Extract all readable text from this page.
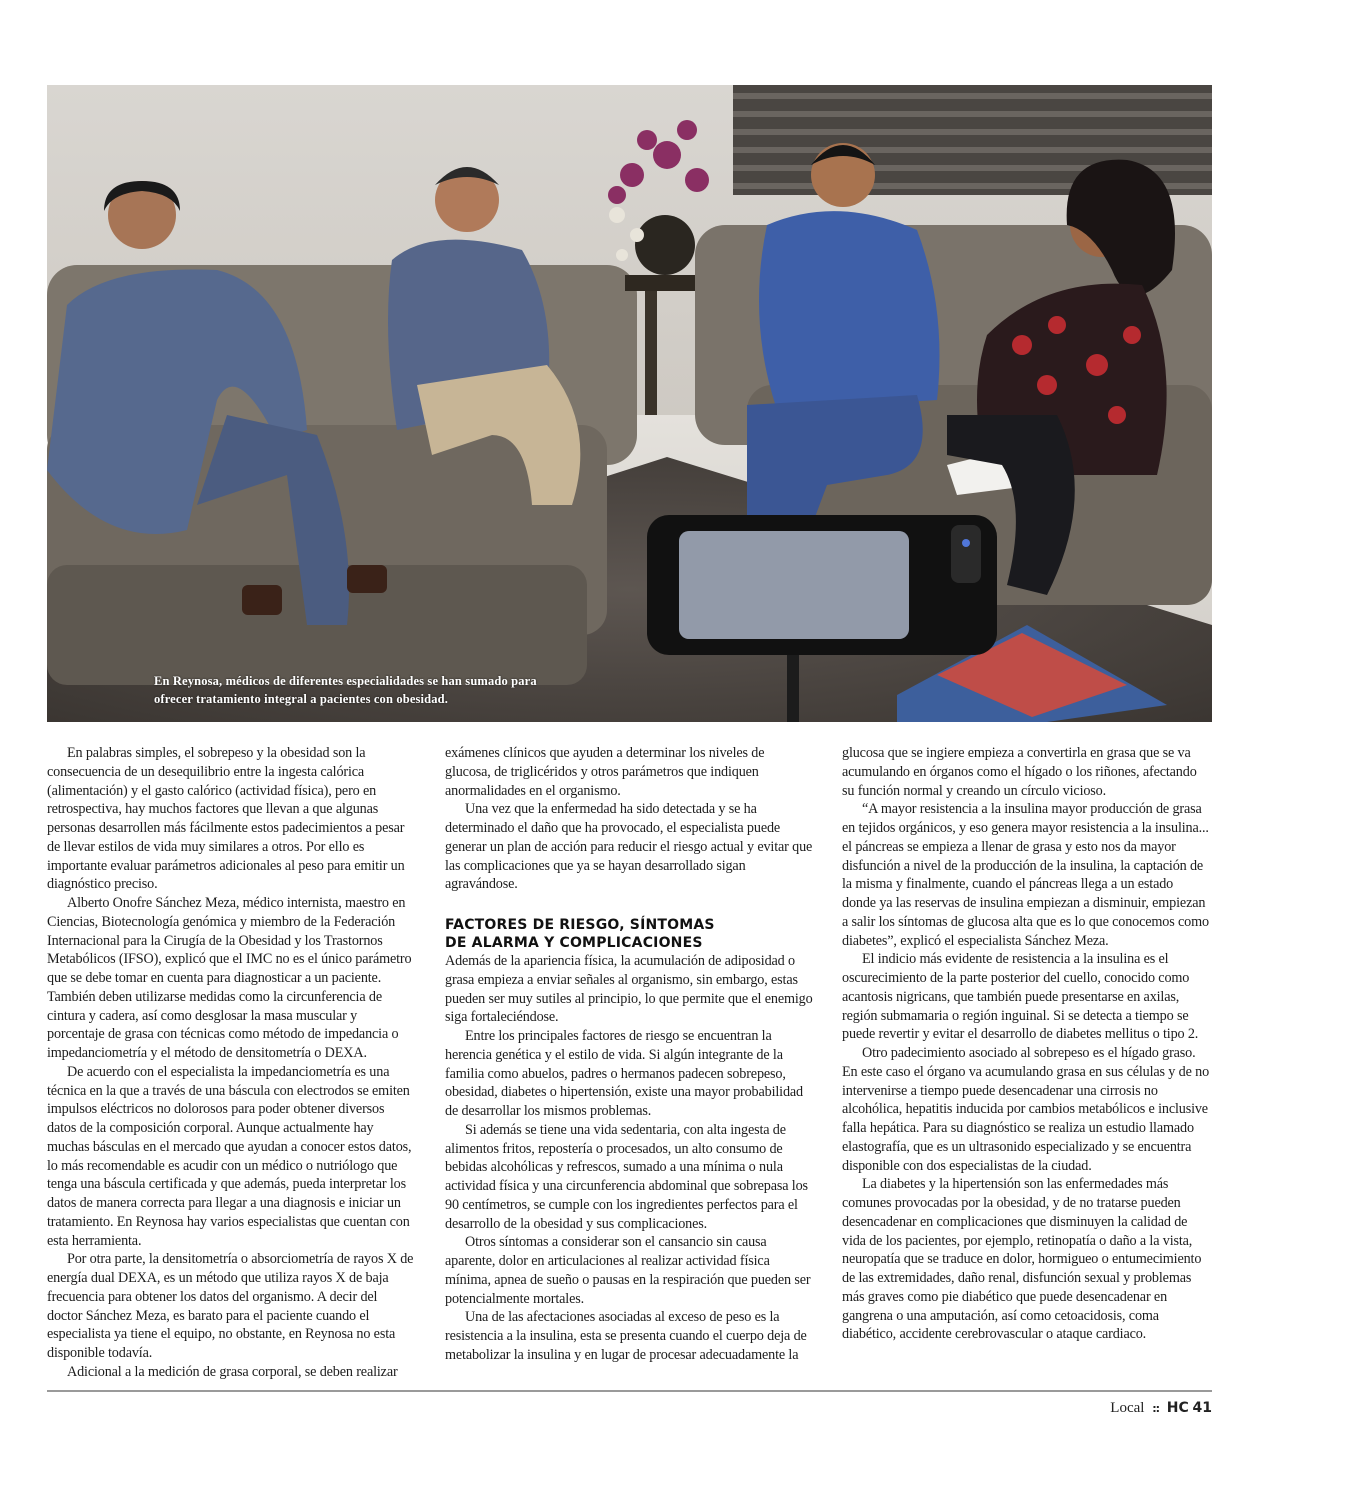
En Reynosa, médicos de diferentes especialidades se han sumado para ofrecer tratamiento integral a pacientes con obesidad.

En palabras simples, el sobrepeso y la obesidad son la consecuencia de un desequilibrio entre la ingesta calórica (alimentación) y el gasto calórico (actividad física), pero en retrospectiva, hay muchos factores que llevan a que algunas personas desarrollen más fácilmente estos padecimientos a pesar de llevar estilos de vida muy similares a otros. Por ello es importante evaluar parámetros adicionales al peso para emitir un diagnóstico preciso.

Alberto Onofre Sánchez Meza, médico internista, maestro en Ciencias, Biotecnología genómica y miembro de la Federación Internacional para la Cirugía de la Obesidad y los Trastornos Metabólicos (IFSO), explicó que el IMC no es el único parámetro que se debe tomar en cuenta para diagnosticar a un paciente. También deben utilizarse medidas como la circunferencia de cintura y cadera, así como desglosar la masa muscular y porcentaje de grasa con técnicas como método de impedancia o impedanciometría y el método de densitometría o DEXA.

De acuerdo con el especialista la impedanciometría es una técnica en la que a través de una báscula con electrodos se emiten impulsos eléctricos no dolorosos para poder obtener diversos datos de la composición corporal. Aunque actualmente hay muchas básculas en el mercado que ayudan a conocer estos datos, lo más recomendable es acudir con un médico o nutriólogo que tenga una báscula certificada y que además, pueda interpretar los datos de manera correcta para llegar a una diagnosis e iniciar un tratamiento. En Reynosa hay varios especialistas que cuentan con esta herramienta.

Por otra parte, la densitometría o absorciometría de rayos X de energía dual DEXA, es un método que utiliza rayos X de baja frecuencia para obtener los datos del organismo. A decir del doctor Sánchez Meza, es barato para el paciente cuando el especialista ya tiene el equipo, no obstante, en Reynosa no esta disponible todavía.

Adicional a la medición de grasa corporal, se deben realizar

exámenes clínicos que ayuden a determinar los niveles de glucosa, de triglicéridos y otros parámetros que indiquen anormalidades en el organismo.

Una vez que la enfermedad ha sido detectada y se ha determinado el daño que ha provocado, el especialista puede generar un plan de acción para reducir el riesgo actual y evitar que las complicaciones que ya se hayan desarrollado sigan agravándose.

FACTORES DE RIESGO, SÍNTOMAS
DE ALARMA Y COMPLICACIONES

Además de la apariencia física, la acumulación de adiposidad o grasa empieza a enviar señales al organismo, sin embargo, estas pueden ser muy sutiles al principio, lo que permite que el enemigo siga fortaleciéndose.

Entre los principales factores de riesgo se encuentran la herencia genética y el estilo de vida. Si algún integrante de la familia como abuelos, padres o hermanos padecen sobrepeso, obesidad, diabetes o hipertensión, existe una mayor probabilidad de desarrollar los mismos problemas.

Si además se tiene una vida sedentaria, con alta ingesta de alimentos fritos, repostería o procesados, un alto consumo de bebidas alcohólicas y refrescos, sumado a una mínima o nula actividad física y una circunferencia abdominal que sobrepasa los 90 centímetros, se cumple con los ingredientes perfectos para el desarrollo de la obesidad y sus complicaciones.

Otros síntomas a considerar son el cansancio sin causa aparente, dolor en articulaciones al realizar actividad física mínima, apnea de sueño o pausas en la respiración que pueden ser potencialmente mortales.

Una de las afectaciones asociadas al exceso de peso es la resistencia a la insulina, esta se presenta cuando el cuerpo deja de metabolizar la insulina y en lugar de procesar adecuadamente la

glucosa que se ingiere empieza a convertirla en grasa que se va acumulando en órganos como el hígado o los riñones, afectando su función normal y creando un círculo vicioso.

“A mayor resistencia a la insulina mayor producción de grasa en tejidos orgánicos, y eso genera mayor resistencia a la insulina... el páncreas se empieza a llenar de grasa y esto nos da mayor disfunción a nivel de la producción de la insulina, la captación de la misma y finalmente, cuando el páncreas llega a un estado donde ya las reservas de insulina empiezan a disminuir, empiezan a salir los síntomas de glucosa alta que es lo que conocemos como diabetes”, explicó el especialista Sánchez Meza.

El indicio más evidente de resistencia a la insulina es el oscurecimiento de la parte posterior del cuello, conocido como acantosis nigricans, que también puede presentarse en axilas, región submamaria o región inguinal. Si se detecta a tiempo se puede revertir y evitar el desarrollo de diabetes mellitus o tipo 2.

Otro padecimiento asociado al sobrepeso es el hígado graso. En este caso el órgano va acumulando grasa en sus células y de no intervenirse a tiempo puede desencadenar una cirrosis no alcohólica, hepatitis inducida por cambios metabólicos e inclusive falla hepática. Para su diagnóstico se realiza un estudio llamado elastografía, que es un ultrasonido especializado y se encuentra disponible con dos especialistas de la ciudad.

La diabetes y la hipertensión son las enfermedades más comunes provocadas por la obesidad, y de no tratarse pueden desencadenar en complicaciones que disminuyen la calidad de vida de los pacientes, por ejemplo, retinopatía o daño a la vista, neuropatía que se traduce en dolor, hormigueo o entumecimiento de las extremidades, daño renal, disfunción sexual y problemas más graves como pie diabético que puede desencadenar en gangrena o una amputación, así como cetoacidosis, coma diabético, accidente cerebrovascular o ataque cardiaco.

Local :: HC 41
